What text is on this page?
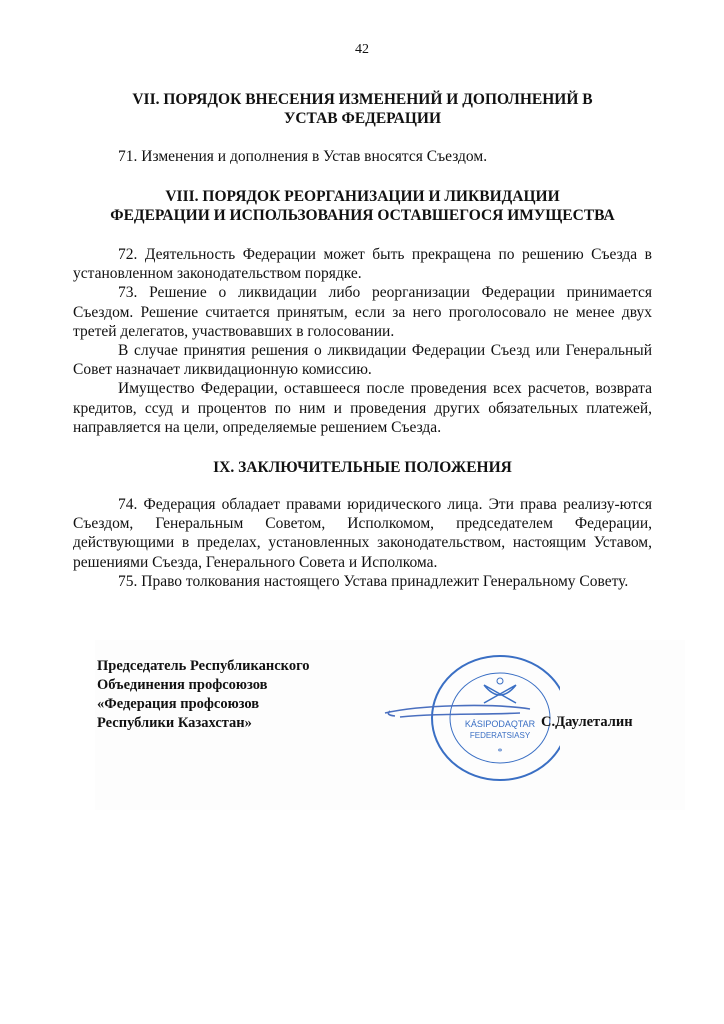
42
VII. ПОРЯДОК ВНЕСЕНИЯ ИЗМЕНЕНИЙ И ДОПОЛНЕНИЙ В
УСТАВ ФЕДЕРАЦИИ

71. Изменения и дополнения в Устав вносятся Съездом.

VIII. ПОРЯДОК РЕОРГАНИЗАЦИИ И ЛИКВИДАЦИИ
ФЕДЕРАЦИИ И ИСПОЛЬЗОВАНИЯ ОСТАВШЕГОСЯ ИМУЩЕСТВА

72. Деятельность Федерации может быть прекращена по решению Съезда в установленном законодательством порядке.

73. Решение о ликвидации либо реорганизации Федерации принимается Съездом. Решение считается принятым, если за него проголосовало не менее двух третей делегатов, участвовавших в голосовании.

В случае принятия решения о ликвидации Федерации Съезд или Генеральный Совет назначает ликвидационную комиссию.

Имущество Федерации, оставшееся после проведения всех расчетов, возврата кредитов, ссуд и процентов по ним и проведения других обязательных платежей, направляется на цели, определяемые решением Съезда.

IX. ЗАКЛЮЧИТЕЛЬНЫЕ ПОЛОЖЕНИЯ

74. Федерация обладает правами юридического лица. Эти права реализу-ются Съездом, Генеральным Советом, Исполкомом, председателем Федерации, действующими в пределах, установленных законодательством, настоящим Уставом, решениями Съезда, Генерального Совета и Исполкома.

75. Право толкования настоящего Устава принадлежит Генеральному Совету.

Председатель Республиканского
Объединения профсоюзов
«Федерация профсоюзов
Республики Казахстан»	KÁSIPODAQTAR
FEDERATSIASY
*
С.Даулеталин
